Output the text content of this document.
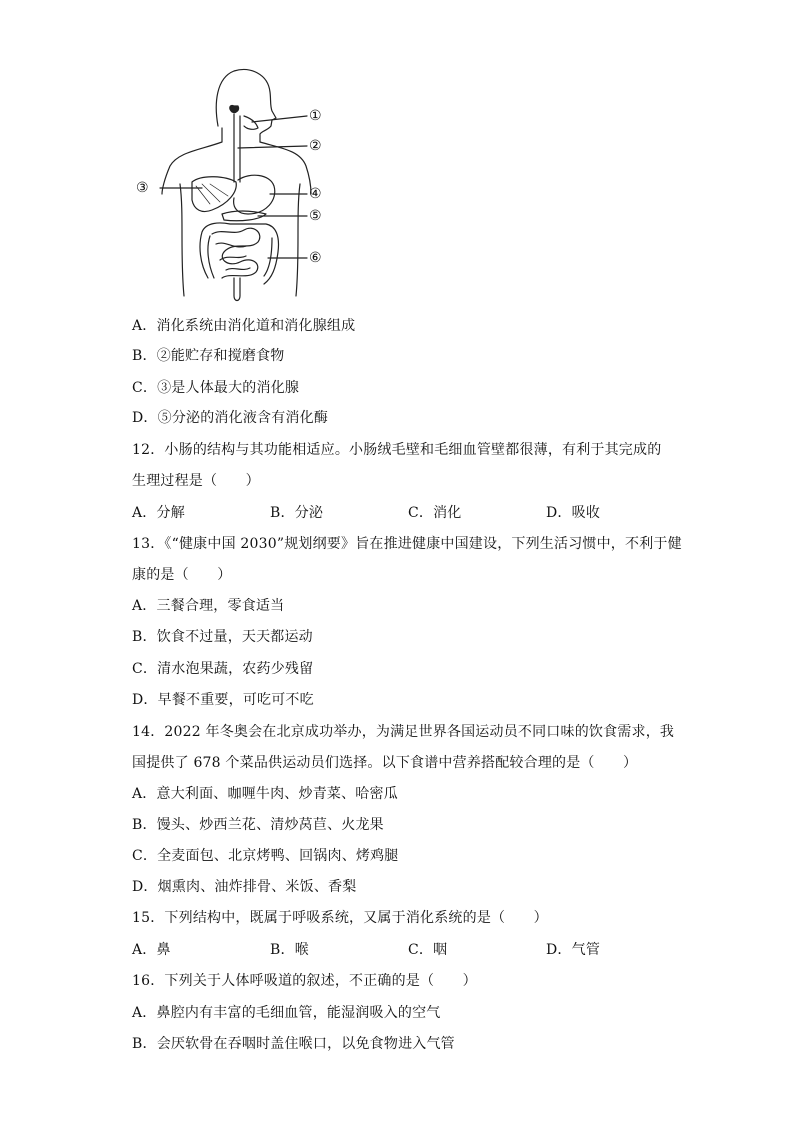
①
②
③	④
⑤
⑥
A．消化系统由消化道和消化腺组成
B．②能贮存和搅磨食物
C．③是人体最大的消化腺
D．⑤分泌的消化液含有消化酶
12．小肠的结构与其功能相适应。小肠绒毛壁和毛细血管壁都很薄，有利于其完成的
生理过程是（　　）
A．分解	B．分泌	C．消化	D．吸收
13．《“健康中国 2030”规划纲要》旨在推进健康中国建设，下列生活习惯中，不利于健
康的是（　　）
A．三餐合理，零食适当
B．饮食不过量，天天都运动
C．清水泡果蔬，农药少残留
D．早餐不重要，可吃可不吃
14．2022 年冬奥会在北京成功举办，为满足世界各国运动员不同口味的饮食需求，我
国提供了 678 个菜品供运动员们选择。以下食谱中营养搭配较合理的是（　　）
A．意大利面、咖喱牛肉、炒青菜、哈密瓜
B．馒头、炒西兰花、清炒莴苣、火龙果
C．全麦面包、北京烤鸭、回锅肉、烤鸡腿
D．烟熏肉、油炸排骨、米饭、香梨
15．下列结构中，既属于呼吸系统，又属于消化系统的是（　　）
A．鼻	B．喉	C．咽	D．气管
16．下列关于人体呼吸道的叙述，不正确的是（　　）
A．鼻腔内有丰富的毛细血管，能湿润吸入的空气
B．会厌软骨在吞咽时盖住喉口，以免食物进入气管
